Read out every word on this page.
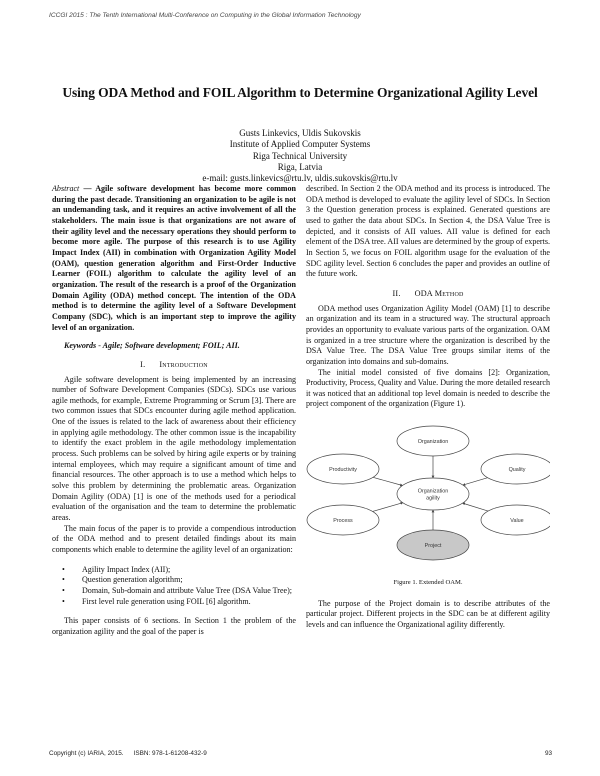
ICCGI 2015 : The Tenth International Multi-Conference on Computing in the Global Information Technology
Using ODA Method and FOIL Algorithm to Determine Organizational Agility Level
Gusts Linkevics, Uldis Sukovskis
Institute of Applied Computer Systems
Riga Technical University
Riga, Latvia
e-mail: gusts.linkevics@rtu.lv, uldis.sukovskis@rtu.lv

Abstract — Agile software development has become more common during the past decade. Transitioning an organization to be agile is not an undemanding task, and it requires an active involvement of all the stakeholders. The main issue is that organizations are not aware of their agility level and the necessary operations they should perform to become more agile. The purpose of this research is to use Agility Impact Index (AII) in combination with Organization Agility Model (OAM), question generation algorithm and First-Order Inductive Learner (FOIL) algorithm to calculate the agility level of an organization. The result of the research is a proof of the Organization Domain Agility (ODA) method concept. The intention of the ODA method is to determine the agility level of a Software Development Company (SDC), which is an important step to improve the agility level of an organization.

Keywords - Agile; Software development; FOIL; AII.

I. Introduction

Agile software development is being implemented by an increasing number of Software Development Companies (SDCs). SDCs use various agile methods, for example, Extreme Programming or Scrum [3]. There are two common issues that SDCs encounter during agile method application. One of the issues is related to the lack of awareness about their efficiency in applying agile methodology. The other common issue is the incapability to identify the exact problem in the agile methodology implementation process. Such problems can be solved by hiring agile experts or by training internal employees, which may require a significant amount of time and financial resources. The other approach is to use a method which helps to solve this problem by determining the problematic areas. Organization Domain Agility (ODA) [1] is one of the methods used for a periodical evaluation of the organisation and the team to determine the problematic areas.

The main focus of the paper is to provide a compendious introduction of the ODA method and to present detailed findings about its main components which enable to determine the agility level of an organization:

• Agility Impact Index (AII);
• Question generation algorithm;
• Domain, Sub-domain and attribute Value Tree (DSA Value Tree);
• First level rule generation using FOIL [6] algorithm.

This paper consists of 6 sections. In Section 1 the problem of the organization agility and the goal of the paper is

described. In Section 2 the ODA method and its process is introduced. The ODA method is developed to evaluate the agility level of SDCs. In Section 3 the Question generation process is explained. Generated questions are used to gather the data about SDCs. In Section 4, the DSA Value Tree is depicted, and it consists of AII values. AII value is defined for each element of the DSA tree. AII values are determined by the group of experts. In Section 5, we focus on FOIL algorithm usage for the evaluation of the SDC agility level. Section 6 concludes the paper and provides an outline of the future work.

II. ODA Method

ODA method uses Organization Agility Model (OAM) [1] to describe an organization and its team in a structured way. The structural approach provides an opportunity to evaluate various parts of the organization. OAM is organized in a tree structure where the organization is described by the DSA Value Tree. The DSA Value Tree groups similar items of the organization into domains and sub-domains.

The initial model consisted of five domains [2]: Organization, Productivity, Process, Quality and Value. During the more detailed research it was noticed that an additional top level domain is needed to describe the project component of the organization (Figure 1).

Organization
Productivity	Quality
Process	Value
Project
Organization
agility
Figure 1. Extended OAM.

The purpose of the Project domain is to describe attributes of the particular project. Different projects in the SDC can be at different agility levels and can influence the Organizational agility differently.

Copyright (c) IARIA, 2015. ISBN: 978-1-61208-432-9	93
